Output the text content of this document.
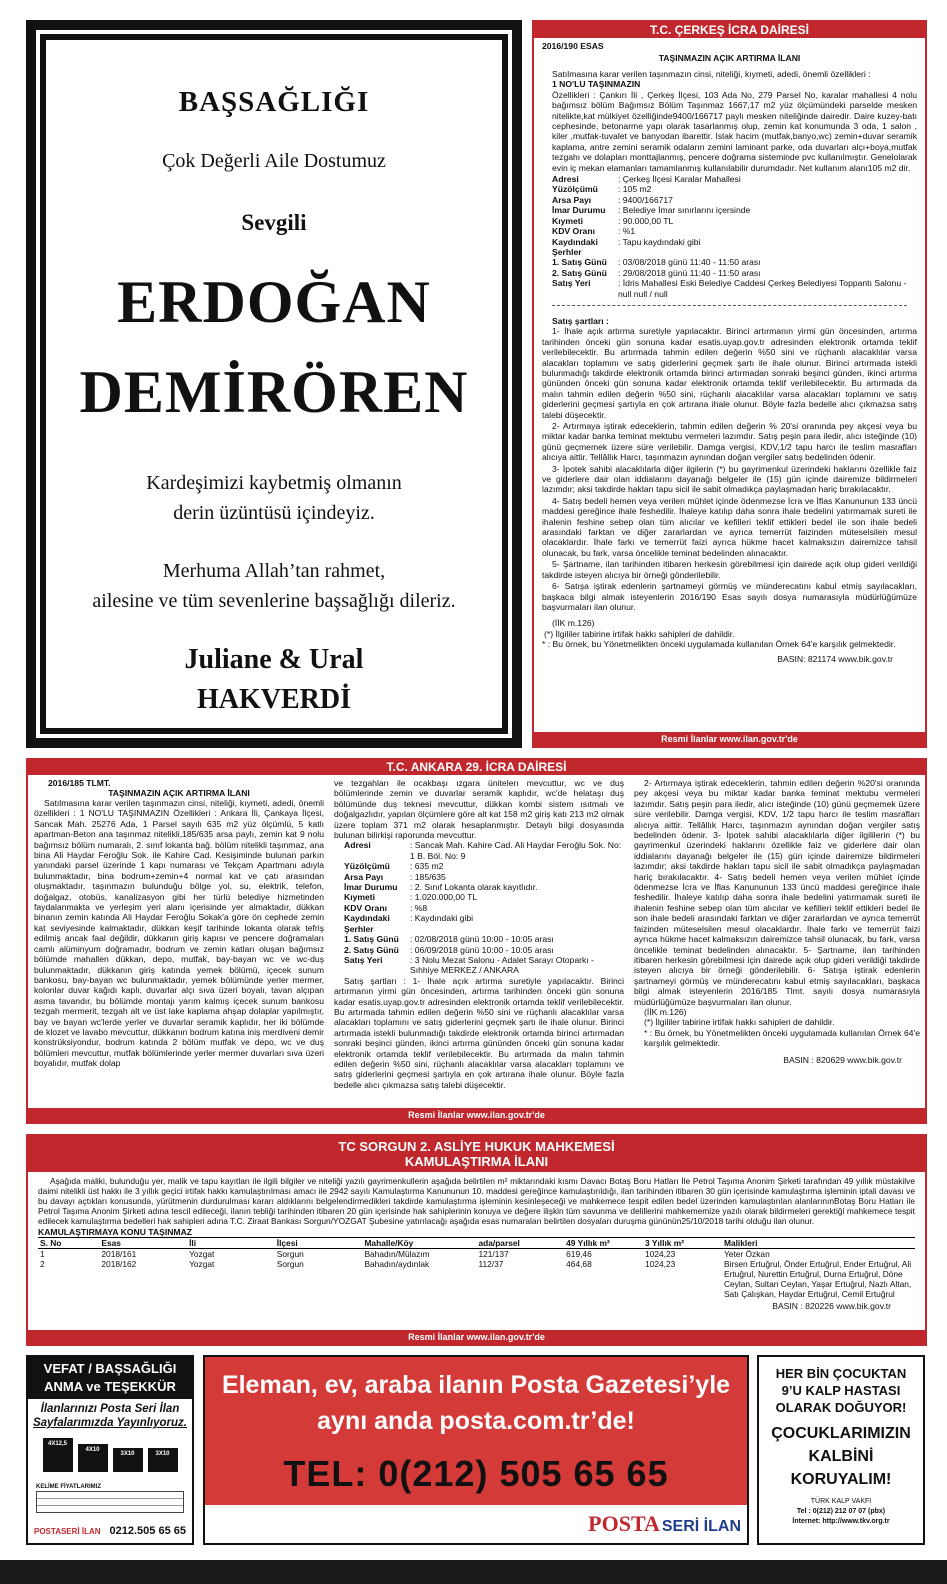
BAŞSAĞLIĞI
Çok Değerli Aile Dostumuz
Sevgili
ERDOĞAN
DEMİRÖREN
Kardeşimizi kaybetmiş olmanın
derin üzüntüsü içindeyiz.
Merhuma Allah’tan rahmet,
ailesine ve tüm sevenlerine başsağlığı dileriz.
Juliane & Ural
HAKVERDİ
T.C. ÇERKEŞ İCRA DAİRESİ
2016/190 ESAS
TAŞINMAZIN AÇIK ARTIRMA İLANI
Satılmasına karar verilen taşınmazın cinsi, niteliği, kıymeti, adedi, önemli özellikleri :
1 NO'LU TAŞINMAZIN
Özellikleri : Çankırı İli , Çerkeş İlçesi, 103 Ada No, 279 Parsel No, karalar mahallesi 4 nolu bağımsız bölüm Bağımsız Bölüm Taşınmaz 1667,17 m2 yüz ölçümündeki parselde mesken nitelikte,kat mülkiyet özelliğinde9400/166717 paylı mesken niteliğinde dairedir. Daire kuzey-batı cephesinde, betonarme yapı olarak tasarlanmış olup, zemin kat konumunda 3 oda, 1 salon , kiler ,mutfak-tuvalet ve banyodan ibarettir. Islak hacim (mutfak,banyo,wc) zemin+duvar seramik kaplama, antre zemini seramik odaların zemini laminant parke, oda duvarları alçı+boya,mutfak tezgahı ve dolapları monttajlanmış, pencere doğrama sisteminde pvc kullanılmıştır. Genelolarak evin iç mekan elamanları tamamlanmış kullanılabilir durumdadır. Net kullanım alanı105 m2 dir.
Adresi	: Çerkeş İlçesi Karalar Mahallesi
Yüzölçümü	: 105 m2
Arsa Payı	: 9400/166717
İmar Durumu	: Belediye İmar sınırlarını içersinde
Kıymeti	: 90.000,00 TL
KDV Oranı	: %1
Kaydındaki Şerhler
: Tapu kaydındaki gibi
1. Satış Günü	: 03/08/2018 günü 11:40 - 11:50 arası
2. Satış Günü	: 29/08/2018 günü 11:40 - 11:50 arası
Satış Yeri	: İdris Mahallesi Eski Belediye Caddesi Çerkeş Belediyesi Toppantı Salonu - null null / null
Satış şartları :

1- İhale açık artırma suretiyle yapılacaktır. Birinci artırmanın yirmi gün öncesinden, artırma tarihinden önceki gün sonuna kadar esatis.uyap.gov.tr adresinden elektronik ortamda teklif verilebilecektir. Bu artırmada tahmin edilen değerin %50 sini ve rüçhanlı alacaklılar varsa alacakları toplamını ve satış giderlerini geçmek şartı ile ihale olunur. Birinci artırmada istekli bulunmadığı takdirde elektronik ortamda birinci artırmadan sonraki beşinci günden, ikinci artırma gününden önceki gün sonuna kadar elektronik ortamda teklif verilebilecektir. Bu artırmada da malın tahmin edilen değerin %50 sini, rüçhanlı alacaklılar varsa alacakları toplamını ve satış giderlerini geçmesi şartıyla en çok artırana ihale olunur. Böyle fazla bedelle alıcı çıkmazsa satış talebi düşecektir.

2- Artırmaya iştirak edeceklerin, tahmin edilen değerin % 20'si oranında pey akçesi veya bu miktar kadar banka teminat mektubu vermeleri lazımdır. Satış peşin para iledir, alıcı isteğinde (10) günü geçmemek üzere süre verilebilir. Damga vergisi, KDV,1/2 tapu harcı ile teslim masrafları alıcıya aittir. Tellâllık Harcı, taşınmazın aynından doğan vergiler satış bedelinden ödenir.

3- İpotek sahibi alacaklılarla diğer ilgilerin (*) bu gayrimenkul üzerindeki haklarını özellikle faiz ve giderlere dair olan iddialarını dayanağı belgeler ile (15) gün içinde dairemize bildirmeleri lazımdır; aksi takdirde hakları tapu sicil ile sabit olmadıkça paylaşmadan hariç bırakılacaktır.

4- Satış bedeli hemen veya verilen mühlet içinde ödenmezse İcra ve İflas Kanununun 133 üncü maddesi gereğince ihale feshedilir. İhaleye katılıp daha sonra ihale bedelini yatırmamak sureti ile ihalenin feshine sebep olan tüm alıcılar ve kefilleri teklif ettikleri bedel ile son ihale bedeli arasındaki farktan ve diğer zararlardan ve ayrıca temerrüt faizinden müteselsilen mesul olacaklardır. İhale farkı ve temerrüt faizi ayrıca hükme hacet kalmaksızın dairemizce tahsil olunacak, bu fark, varsa öncelikle teminat bedelinden alınacaktır.

5- Şartname, ilan tarihinden itibaren herkesin görebilmesi için dairede açık olup gideri verildiği takdirde isteyen alıcıya bir örneği gönderilebilir.

6- Satışa iştirak edenlerin şartnameyi görmüş ve münderecatını kabul etmiş sayılacakları, başkaca bilgi almak isteyenlerin 2016/190 Esas sayılı dosya numarasıyla müdürlüğümüze başvurmaları ilan olunur.

(İİK m.126)
(*) İlgililer tabirine irtifak hakkı sahipleri de dahildir.
* : Bu örnek, bu Yönetmelikten önceki uygulamada kullanılan Örnek 64'e karşılık gelmektedir.
BASIN: 821174 www.bik.gov.tr
Resmi İlanlar www.ilan.gov.tr'de
T.C. ANKARA 29. İCRA DAİRESİ
2016/185 TLMT.
TAŞINMAZIN AÇIK ARTIRMA İLANI
Satılmasına karar verilen taşınmazın cinsi, niteliği, kıymeti, adedi, önemli özellikleri : 1 NO'LU TAŞINMAZIN Özellikleri : Ankara İli, Çankaya İlçesi, Sancak Mah. 25276 Ada, 1 Parsel sayılı 635 m2 yüz ölçümlü, 5 katlı apartman-Beton ana taşınmaz nitelikli,185/635 arsa paylı, zemin kat 9 nolu bağımsız bölüm numaralı, 2. sınıf lokanta bağ. bölüm nitelikli taşınmaz, ana bina Ali Haydar Feroğlu Sok. ile Kahire Cad. Kesişiminde bulunan parkın yanındaki parsel üzerinde 1 kapı numarası ve Tekçam Apartmanı adıyla bulunmaktadır, bina bodrum+zemin+4 normal kat ve çatı arasından oluşmaktadır, taşınmazın bulunduğu bölge yol, su, elektrik, telefon, doğalgaz, otobüs, kanalizasyon gibi her türlü belediye hizmetinden faydalanmakta ve yerleşim yeri alanı içerisinde yer almaktadır, dükkan binanın zemin katında Ali Haydar Feroğlu Sokak'a göre ön cephede zemin kat seviyesinde kalmaktadır, dükkan keşif tarihinde lokanta olarak tefriş edilmiş ancak faal değildir, dükkanın giriş kapısı ve pencere doğramaları camlı alüminyum doğramadır, bodrum ve zemin katları oluşan bağımsız bölümde mahallen dükkan, depo, mutfak, bay-bayan wc ve wc-duş bulunmaktadır, dükkanın giriş katında yemek bölümü, içecek sunum bankosu, bay-bayan wc bulunmaktadır, yemek bölümünde yerler mermer, kolonlar duvar kağıdı kaplı, duvarlar alçı sıva üzeri boyalı, tavan alçıpan asma tavandır, bu bölümde montajı yarım kalmış içecek sunum bankosu tezgah mermerit, tezgah alt ve üst lake kaplama ahşap dolaplar yapılmıştır, bay ve bayan wc'lerde yerler ve duvarlar seramik kaplıdır, her iki bölümde de klozet ve lavabo mevcuttur, dükkanın bodrum katına iniş merdiveni demir konstrüksiyondur, bodrum katında 2 bölüm mutfak ve depo, wc ve duş bölümleri mevcuttur, mutfak bölümlerinde yerler mermer duvarları sıva üzeri boyalıdır, mutfak dolap
ve tezgahları ile ocakbaşı ızgara ünitelerı mevcuttur, wc ve duş bölümlerinde zemin ve duvarlar seramik kaplıdır, wc'de helataşı duş bölümünde duş teknesi mevcuttur, dükkan kombi sistem ısıtmalı ve doğalgazlıdır, yapılan ölçümlere göre alt kat 158 m2 giriş katı 213 m2 olmak üzere toplam 371 m2 olarak hesaplanmıştır. Detaylı bilgi dosyasında bulunan bilirkişi raporunda mevcuttur.
Adresi	: Sancak Mah. Kahire Cad. Ali Haydar Feroğlu Sok. No: 1 B. Böl. No: 9
Yüzölçümü	: 635 m2
Arsa Payı	: 185/635
İmar Durumu	: 2. Sınıf Lokanta olarak kayıtlıdır.
Kıymeti	: 1.020.000,00 TL
KDV Oranı	: %8
Kaydındaki Şerhler
: Kaydındaki gibi
1. Satış Günü	: 02/08/2018 günü 10:00 - 10:05 arası
2. Satış Günü	: 06/09/2018 günü 10:00 - 10:05 arası
Satış Yeri	: 3 Nolu Mezat Salonu - Adalet Sarayı Otoparkı - Sıhhiye MERKEZ / ANKARA
Satış şartları : 1- İhale açık artırma suretiyle yapılacaktır. Birinci artırmanın yirmi gün öncesinden, artırma tarihinden önceki gün sonuna kadar esatis.uyap.gov.tr adresinden elektronik ortamda teklif verilebilecektir. Bu artırmada tahmin edilen değerin %50 sini ve rüçhanlı alacaklılar varsa alacakları toplamını ve satış giderlerini geçmek şartı ile ihale olunur. Birinci artırmada istekli bulunmadığı takdirde elektronik ortamda birinci artırmadan sonraki beşinci günden, ikinci artırma gününden önceki gün sonuna kadar elektronik ortamda teklif verilebilecektir. Bu artırmada da malın tahmin edilen değerin %50 sini, rüçhanlı alacaklılar varsa alacakları toplamını ve satış giderlerini geçmesi şartıyla en çok artırana ihale olunur. Böyle fazla bedelle alıcı çıkmazsa satış talebi düşecektir.
2- Artırmaya iştirak edeceklerin, tahmin edilen değerin %20'si oranında pey akçesi veya bu miktar kadar banka teminat mektubu vermeleri lazımdır. Satış peşin para iledir, alıcı isteğinde (10) günü geçmemek üzere süre verilebilir. Damga vergisi, KDV, 1/2 tapu harcı ile teslim masrafları alıcıya aittir. Tellâllık Harcı, taşınmazın aynından doğan vergiler satış bedelinden ödenir. 3- İpotek sahibi alacaklılarla diğer ilgililerin (*) bu gayrimenkul üzerindeki haklarını özellikle faiz ve giderlere dair olan iddialarını dayanağı belgeler ile (15) gün içinde dairemize bildirmeleri lazımdır; aksi takdirde hakları tapu sicil ile sabit olmadıkça paylaşmadan hariç bırakılacaktır. 4- Satış bedeli hemen veya verilen mühlet içinde ödenmezse İcra ve İflas Kanununun 133 üncü maddesi gereğince ihale feshedilir. İhaleye katılıp daha sonra ihale bedelini yatırmamak sureti ile ihalenin feshine sebep olan tüm alıcılar ve kefilleri teklif ettikleri bedel ile son ihale bedeli arasındaki farktan ve diğer zararlardan ve ayrıca temerrüt faizinden müteselsilen mesul olacaklardır. İhale farkı ve temerrüt faizi ayrıca hükme hacet kalmaksızın dairemizce tahsil olunacak, bu fark, varsa öncelikle teminat bedelinden alınacaktır. 5- Şartname, ilan tarihinden itibaren herkesin görebilmesi için dairede açık olup gideri verildiği takdirde isteyen alıcıya bir örneği gönderilebilir. 6- Satışa iştirak edenlerin şartnameyi görmüş ve münderecatını kabul etmiş sayılacakları, başkaca bilgi almak isteyenlerin 2016/185 Tlmt. sayılı dosya numarasıyla müdürlüğümüze başvurmaları ilan olunur.
(İİK m.126)
(*) İlgililer tabirine irtifak hakkı sahipleri de dahildir.
* : Bu örnek, bu Yönetmelikten önceki uygulamada kullanılan Örnek 64'e karşılık gelmektedir.
BASIN : 820629 www.bik.gov.tr
Resmi İlanlar www.ilan.gov.tr'de
TC SORGUN 2. ASLİYE HUKUK MAHKEMESİ
KAMULAŞTIRMA İLANI
Aşağıda maliki, bulunduğu yer, malik ve tapu kayıtları ile ilgili bilgiler ve niteliği yazılı gayrimenkullerin aşağıda belirtilen m² miktarındaki kısmı Davacı Botaş Boru Hatları İle Petrol Taşıma Anonim Şirketi tarafından 49 yıllık müstakilve daimi nitelikli üst hakkı ile 3 yıllık geçici irtifak hakkı kamulaştırılması amacı ile 2942 sayılı Kamulaştırma Kanununun 10. maddesi gereğince kamulaştırıldığı, ilan tarihinden itibaren 30 gün içerisinde kamulaştırma işleminin iptali davası ve bu davayı açtıkları konusunda, yürütmenin durdurulması kararı aldıklarını belgelendirmedikleri takdirde kamulaştırma işleminin kesinleşeceği ve mahkemece tespit edilen bedel üzerinden kamulaştırılan alanlarınınBotaş Boru Hatları ile Petrol Taşıma Anonim Şirketi adına tescil edileceği, ilanın tebliği tarihinden itibaren 20 gün içerisinde hak sahiplerinin konuya ve değere ilişkin tüm savunma ve delillerini mahkememize yazılı olarak bildirmeleri gerektiği mahkemece tespit edilecek kamulaştırma bedelleri hak sahipleri adına T.C. Ziraat Bankası Sorgun/YOZGAT Şubesine yatırılacağı aşağıda esas numaraları belirtilen dosyaları duruşma gününün25/10/2018 tarihi olduğu ilan olunur.
KAMULAŞTIRMAYA KONU TAŞINMAZ
S. No	Esas	İli	İlçesi	Mahalle/Köy	ada/parsel	49 Yıllık m²	3 Yıllık m²	Malikleri
1	2018/161	Yozgat	Sorgun	Bahadın/Mülazım	121/137	619,46	1024,23	Yeter Özkan
2	2018/162	Yozgat	Sorgun	Bahadın/aydınlak	112/37	464,68	1024,23	Birsen Ertuğrul, Önder Ertuğrul, Ender Ertuğrul, Ali Ertuğrul, Nurettin Ertuğrul, Durna Ertuğrul, Döne Ceylan, Sultan Ceylan, Yaşar Ertuğrul, Nazlı Altan, Satı Çalışkan, Haydar Ertuğrul, Cemil Ertuğrul
BASIN : 820226 www.bik.gov.tr
Resmi İlanlar www.ilan.gov.tr'de
VEFAT / BAŞSAĞLIĞI
ANMA ve TEŞEKKÜR
İlanlarınızı Posta Seri İlan
Sayfalarımızda Yayınlıyoruz.
4X12,5
4X10
3X10	3X10
KELİME FİYATLARIMIZ
POSTASERİ İLAN 0212.505 65 65
Eleman, ev, araba ilanın Posta Gazetesi’yle
aynı anda posta.com.tr’de!
TEL: 0(212) 505 65 65
POSTA SERİ İLAN
HER BİN ÇOCUKTAN
9’U KALP HASTASI
OLARAK DOĞUYOR!
ÇOCUKLARIMIZIN
KALBİNİ
KORUYALIM!
TÜRK KALP VAKFI
Tel : 0(212) 212 07 07 (pbx)
İnternet: http://www.tkv.org.tr
